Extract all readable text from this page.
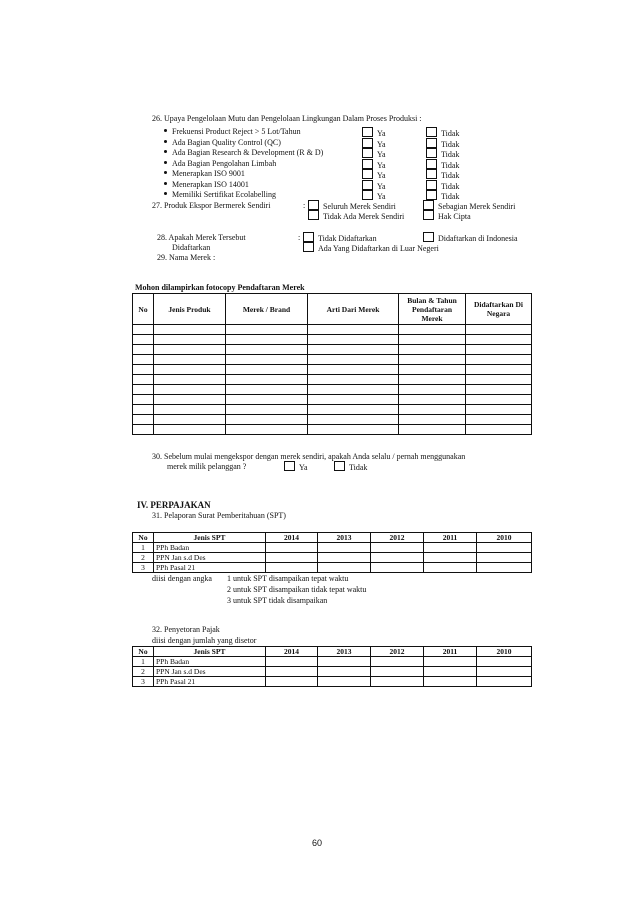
26. Upaya Pengelolaan Mutu dan Pengelolaan Lingkungan Dalam Proses Produksi :
Frekuensi Product Reject > 5 Lot/Tahun	Ya	Tidak
Ada Bagian Quality Control (QC)	Ya	Tidak
Ada Bagian Research & Development (R & D)	Ya	Tidak
Ada Bagian Pengolahan Limbah	Ya	Tidak
Menerapkan ISO 9001	Ya	Tidak
Menerapkan ISO 14001	Ya	Tidak
Memiliki Sertifikat Ecolabelling	Ya	Tidak
27. Produk Ekspor Bermerek Sendiri	:	Seluruh Merek Sendiri	Sebagian Merek Sendiri
Tidak Ada Merek Sendiri	Hak Cipta
28. Apakah Merek Tersebut
Didaftarkan
:	Tidak Didaftarkan	Didaftarkan di Indonesia
Ada Yang Didaftarkan di Luar Negeri
29. Nama Merek :
Mohon dilampirkan fotocopy Pendaftaran Merek
No	Jenis Produk	Merek / Brand	Arti Dari Merek	Bulan & Tahun Pendaftaran Merek	Didaftarkan Di Negara

30. Sebelum mulai mengekspor dengan merek sendiri, apakah Anda selalu / pernah menggunakan
merek milik pelanggan ?	Ya	Tidak
IV. PERPAJAKAN
31. Pelaporan Surat Pemberitahuan (SPT)
No	Jenis SPT	2014	2013	2012	2011	2010
1	PPh Badan					
2	PPN Jan s.d Des					
3	PPh Pasal 21					
diisi dengan angka 1 untuk SPT disampaikan tepat waktu
2 untuk SPT disampaikan tidak tepat waktu
3 untuk SPT tidak disampaikan
32. Penyetoran Pajak
diisi dengan jumlah yang disetor
No	Jenis SPT	2014	2013	2012	2011	2010
1	PPh Badan					
2	PPN Jan s.d Des					
3	PPh Pasal 21					
60
